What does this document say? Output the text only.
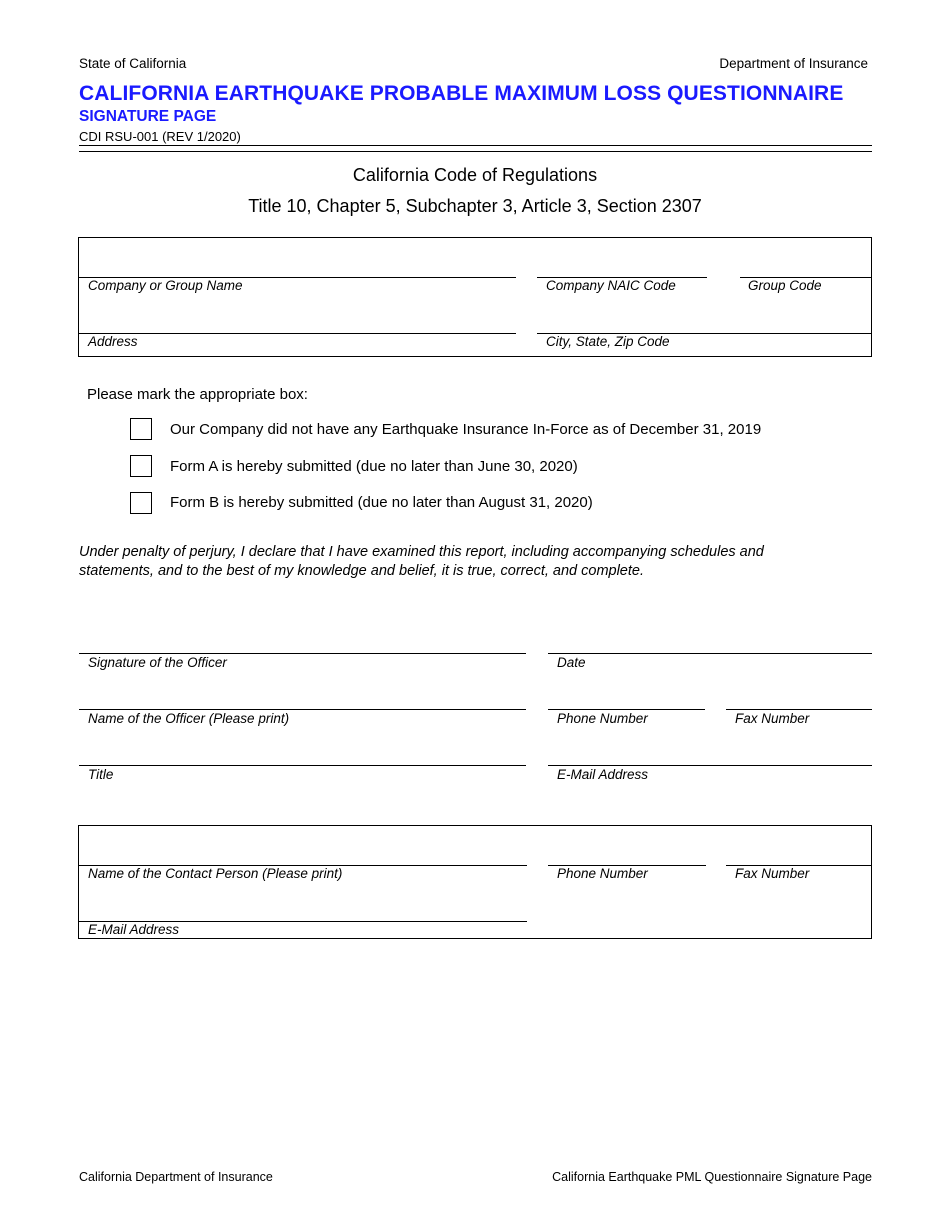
State of California	Department of Insurance
CALIFORNIA EARTHQUAKE PROBABLE MAXIMUM LOSS QUESTIONNAIRE
SIGNATURE PAGE
CDI RSU-001 (REV 1/2020)
California Code of Regulations
Title 10, Chapter 5, Subchapter 3, Article 3, Section 2307
Company or Group Name	Company NAIC Code	Group Code
Address	City, State, Zip Code
Please mark the appropriate box:
Our Company did not have any Earthquake Insurance In-Force as of December 31, 2019
Form A is hereby submitted (due no later than June 30, 2020)
Form B is hereby submitted (due no later than August 31, 2020)
Under penalty of perjury, I declare that I have examined this report, including accompanying schedules and statements, and to the best of my knowledge and belief, it is true, correct, and complete.
Signature of the Officer	Date
Name of the Officer (Please print)	Phone Number	Fax Number
Title	E-Mail Address
Name of the Contact Person (Please print)	Phone Number	Fax Number
E-Mail Address
California Department of Insurance	California Earthquake PML Questionnaire Signature Page
